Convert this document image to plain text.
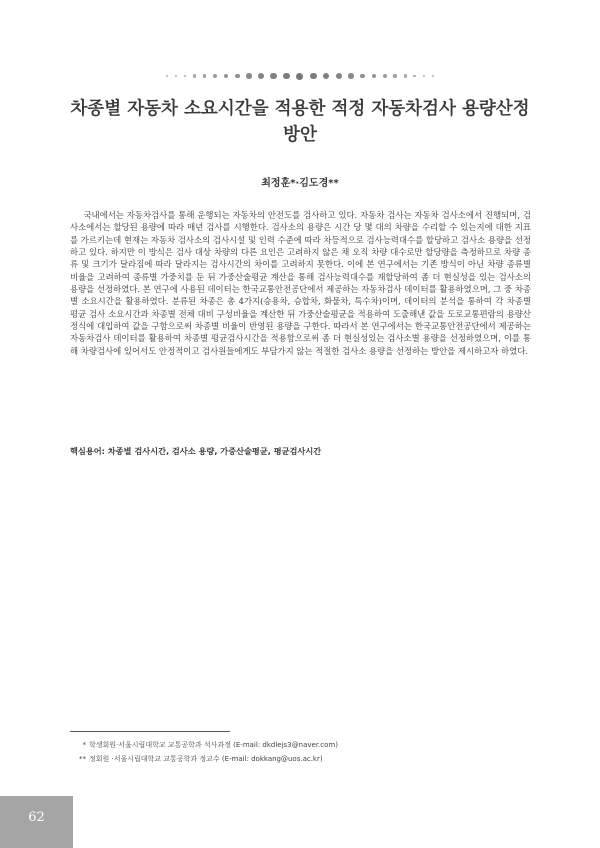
차종별 자동차 소요시간을 적용한 적정 자동차검사 용량산정
방안
최정훈*·김도경**

국내에서는 자동차검사를 통해 운행되는 자동차의 안전도를 검사하고 있다. 자동차 검사는 자동차 검사소에서 진행되며, 검사소에서는 할당된 용량에 따라 매년 검사를 시행한다. 검사소의 용량은 시간 당 몇 대의 차량을 수리할 수 있는지에 대한 지표를 가르키는데 현재는 자동차 검사소의 검사시설 및 인력 수준에 따라 차등적으로 검사능력대수를 할당하고 검사소 용량을 선정하고 있다. 하지만 이 방식은 검사 대상 차량의 다른 요인은 고려하지 않은 채 오직 차량 대수로만 할당량을 측정하므로 차량 종류 및 크기가 달라짐에 따라 달라지는 검사시간의 차이를 고려하지 못한다. 이에 본 연구에서는 기존 방식이 아닌 차량 종류별 비율을 고려하여 종류별 가중치를 둔 뒤 가중산술평균 계산을 통해 검사능력대수를 재할당하여 좀 더 현실성을 있는 검사소의 용량을 선정하였다. 본 연구에 사용된 데이터는 한국교통안전공단에서 제공하는 자동차검사 데이터를 활용하였으며, 그 중 차종별 소요시간을 활용하였다. 분류된 차종은 총 4가지(승용차, 승합차, 화물차, 특수차)이며, 데이터의 분석을 통하여 각 차종별 평균 검사 소요시간과 차종별 전체 대비 구성비율을 계산한 뒤 가중산술평균을 적용하여 도출해낸 값을 도로교통편람의 용량산정식에 대입하여 값을 구함으로써 차종별 비율이 반영된 용량을 구한다. 따라서 본 연구에서는 한국교통안전공단에서 제공하는 자동차검사 데이터를 활용하여 차종별 평균검사시간을 적용함으로써 좀 더 현실성있는 검사소별 용량을 선정하였으며, 이를 통해 차량검사에 있어서도 안정적이고 검사원들에게도 부담가지 않는 적절한 검사소 용량을 선정하는 방안을 제시하고자 하였다.

핵심용어: 차종별 검사시간, 검사소 용량, 가중산술평균, 평균검사시간
* 학생회원·서울시립대학교 교통공학과 석사과정 (E-mail: dkdlejs3@naver.com)
** 정회원 ·서울시립대학교 교통공학과 정교수 (E-mail: dokkang@uos.ac.kr)
62
